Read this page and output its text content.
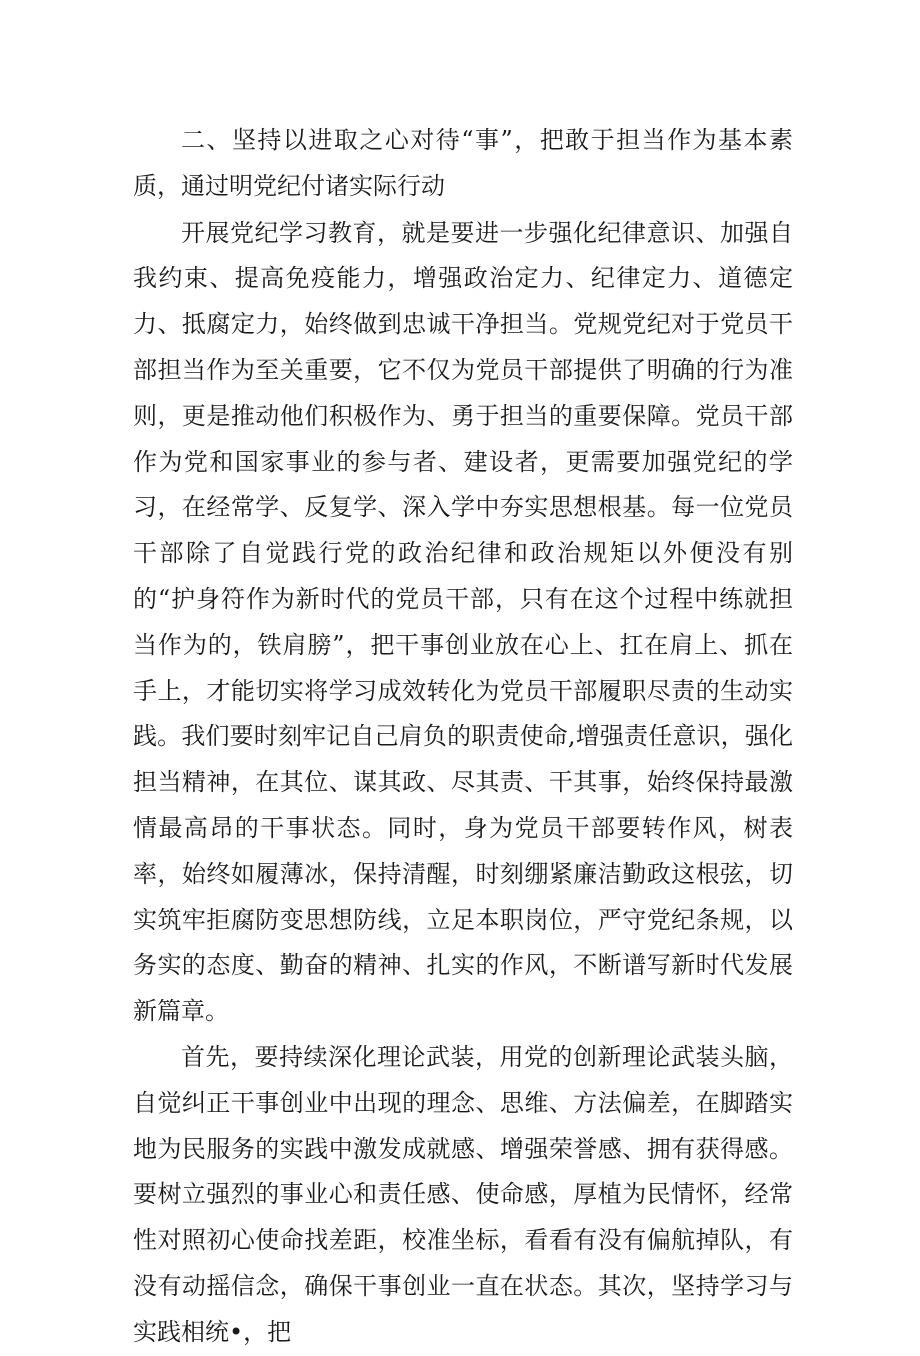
二、坚持以进取之心对待“事”，把敢于担当作为基本素质，通过明党纪付诸实际行动

开展党纪学习教育，就是要进一步强化纪律意识、加强自我约束、提高免疫能力，增强政治定力、纪律定力、道德定力、抵腐定力，始终做到忠诚干净担当。党规党纪对于党员干部担当作为至关重要，它不仅为党员干部提供了明确的行为准则，更是推动他们积极作为、勇于担当的重要保障。党员干部作为党和国家事业的参与者、建设者，更需要加强党纪的学习，在经常学、反复学、深入学中夯实思想根基。每一位党员干部除了自觉践行党的政治纪律和政治规矩以外便没有别的“护身符作为新时代的党员干部，只有在这个过程中练就担当作为的，铁肩膀”，把干事创业放在心上、扛在肩上、抓在手上，才能切实将学习成效转化为党员干部履职尽责的生动实践。我们要时刻牢记自己肩负的职责使命,增强责任意识，强化担当精神，在其位、谋其政、尽其责、干其事，始终保持最激情最高昂的干事状态。同时，身为党员干部要转作风，树表率，始终如履薄冰，保持清醒，时刻绷紧廉洁勤政这根弦，切实筑牢拒腐防变思想防线，立足本职岗位，严守党纪条规，以务实的态度、勤奋的精神、扎实的作风，不断谱写新时代发展新篇章。

首先，要持续深化理论武装，用党的创新理论武装头脑，自觉纠正干事创业中出现的理念、思维、方法偏差，在脚踏实地为民服务的实践中激发成就感、增强荣誉感、拥有获得感。要树立强烈的事业心和责任感、使命感，厚植为民情怀，经常性对照初心使命找差距，校准坐标，看看有没有偏航掉队，有没有动摇信念，确保干事创业一直在状态。其次，坚持学习与实践相统•，把
